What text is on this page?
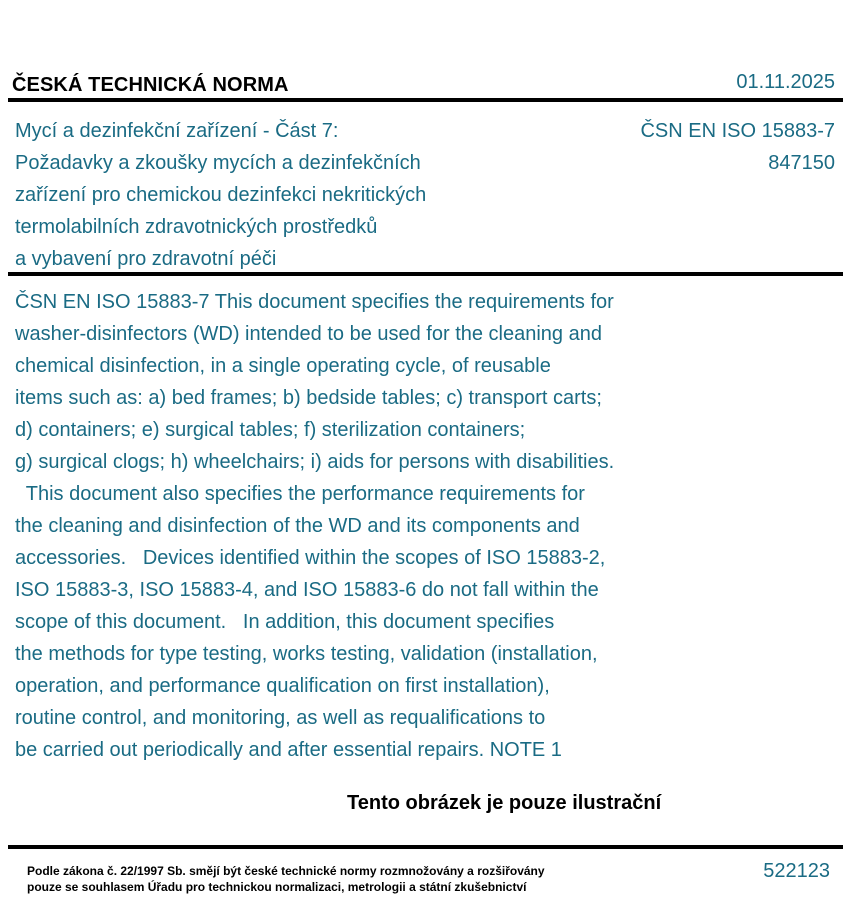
ČESKÁ TECHNICKÁ NORMA	01.11.2025
Mycí a dezinfekční zařízení - Část 7:
Požadavky a zkoušky mycích a dezinfekčních
zařízení pro chemickou dezinfekci nekritických
termolabilních zdravotnických prostředků
a vybavení pro zdravotní péči
ČSN EN ISO 15883-7
847150
ČSN EN ISO 15883-7 This document specifies the requirements for
washer-disinfectors (WD) intended to be used for the cleaning and
chemical disinfection, in a single operating cycle, of reusable
items such as: a) bed frames; b) bedside tables; c) transport carts;
d) containers; e) surgical tables; f) sterilization containers;
g) surgical clogs; h) wheelchairs; i) aids for persons with disabilities.
This document also specifies the performance requirements for
the cleaning and disinfection of the WD and its components and
accessories.   Devices identified within the scopes of ISO 15883-2,
ISO 15883-3, ISO 15883-4, and ISO 15883-6 do not fall within the
scope of this document.   In addition, this document specifies
the methods for type testing, works testing, validation (installation,
operation, and performance qualification on first installation),
routine control, and monitoring, as well as requalifications to
be carried out periodically and after essential repairs. NOTE 1
Tento obrázek je pouze ilustrační
Podle zákona č. 22/1997 Sb. smějí být české technické normy rozmnožovány a rozšiřovány
pouze se souhlasem Úřadu pro technickou normalizaci, metrologii a státní zkušebnictví
522123
